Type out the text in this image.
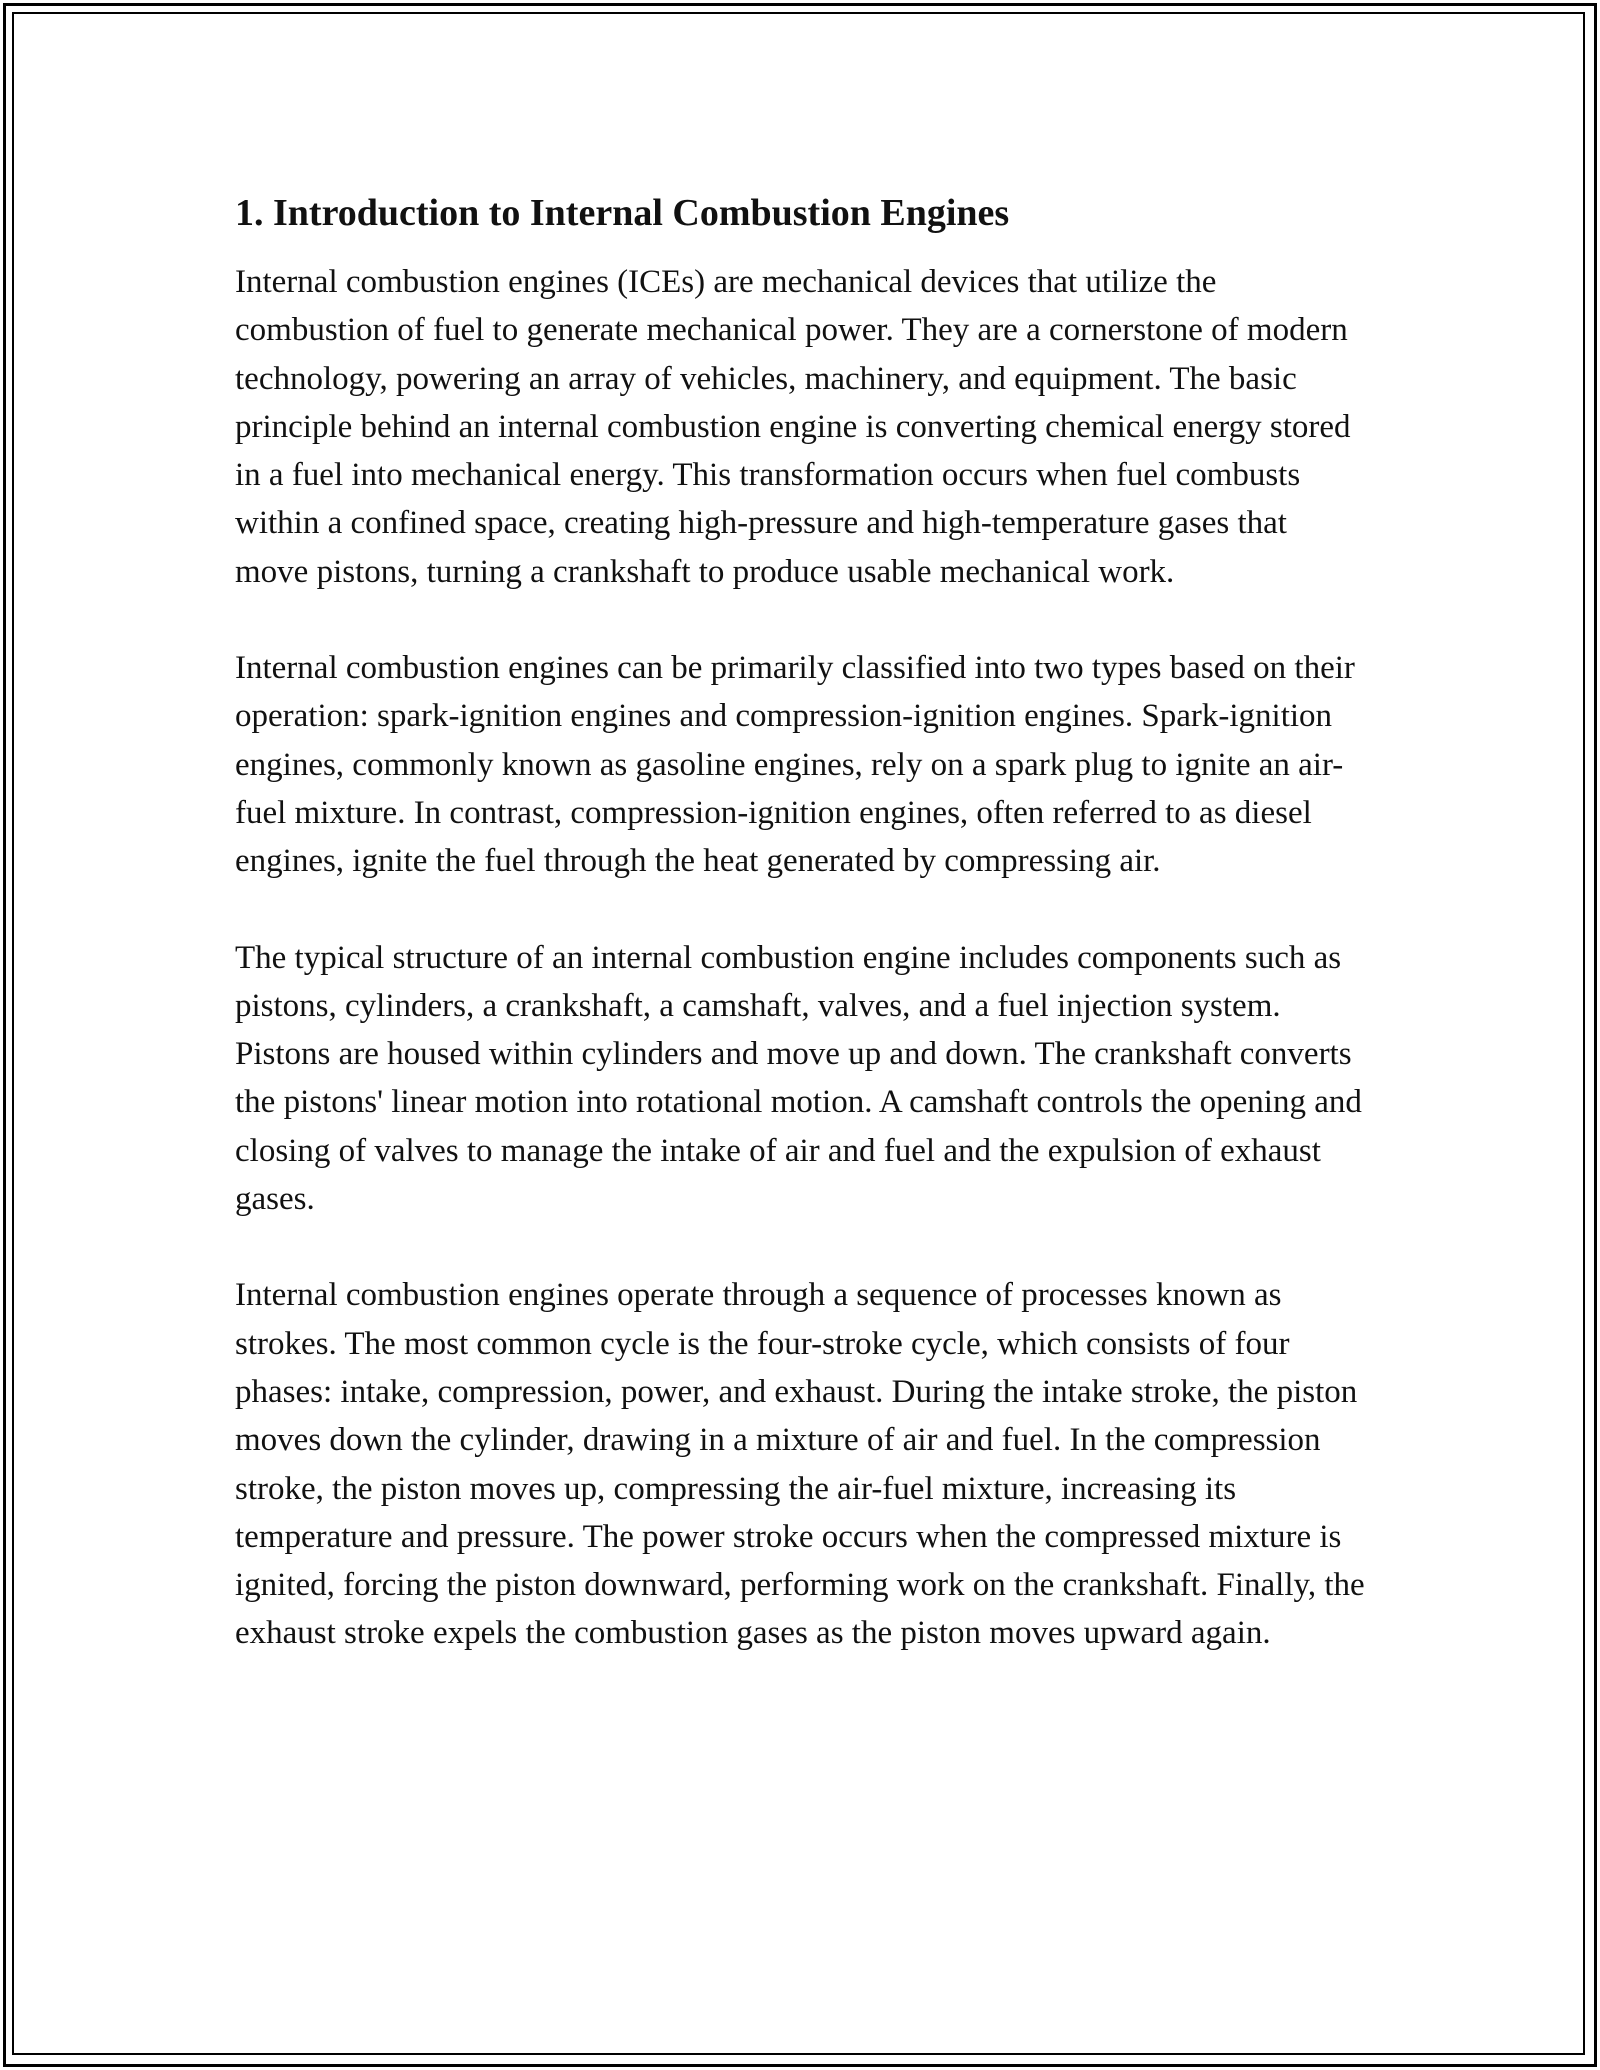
1. Introduction to Internal Combustion Engines

Internal combustion engines (ICEs) are mechanical devices that utilize the combustion of fuel to generate mechanical power. They are a cornerstone of modern technology, powering an array of vehicles, machinery, and equipment. The basic principle behind an internal combustion engine is converting chemical energy stored in a fuel into mechanical energy. This transformation occurs when fuel combusts within a confined space, creating high-pressure and high-temperature gases that move pistons, turning a crankshaft to produce usable mechanical work.

Internal combustion engines can be primarily classified into two types based on their operation: spark-ignition engines and compression-ignition engines. Spark-ignition engines, commonly known as gasoline engines, rely on a spark plug to ignite an air-fuel mixture. In contrast, compression-ignition engines, often referred to as diesel engines, ignite the fuel through the heat generated by compressing air.

The typical structure of an internal combustion engine includes components such as pistons, cylinders, a crankshaft, a camshaft, valves, and a fuel injection system. Pistons are housed within cylinders and move up and down. The crankshaft converts the pistons' linear motion into rotational motion. A camshaft controls the opening and closing of valves to manage the intake of air and fuel and the expulsion of exhaust gases.

Internal combustion engines operate through a sequence of processes known as strokes. The most common cycle is the four-stroke cycle, which consists of four phases: intake, compression, power, and exhaust. During the intake stroke, the piston moves down the cylinder, drawing in a mixture of air and fuel. In the compression stroke, the piston moves up, compressing the air-fuel mixture, increasing its temperature and pressure. The power stroke occurs when the compressed mixture is ignited, forcing the piston downward, performing work on the crankshaft. Finally, the exhaust stroke expels the combustion gases as the piston moves upward again.
